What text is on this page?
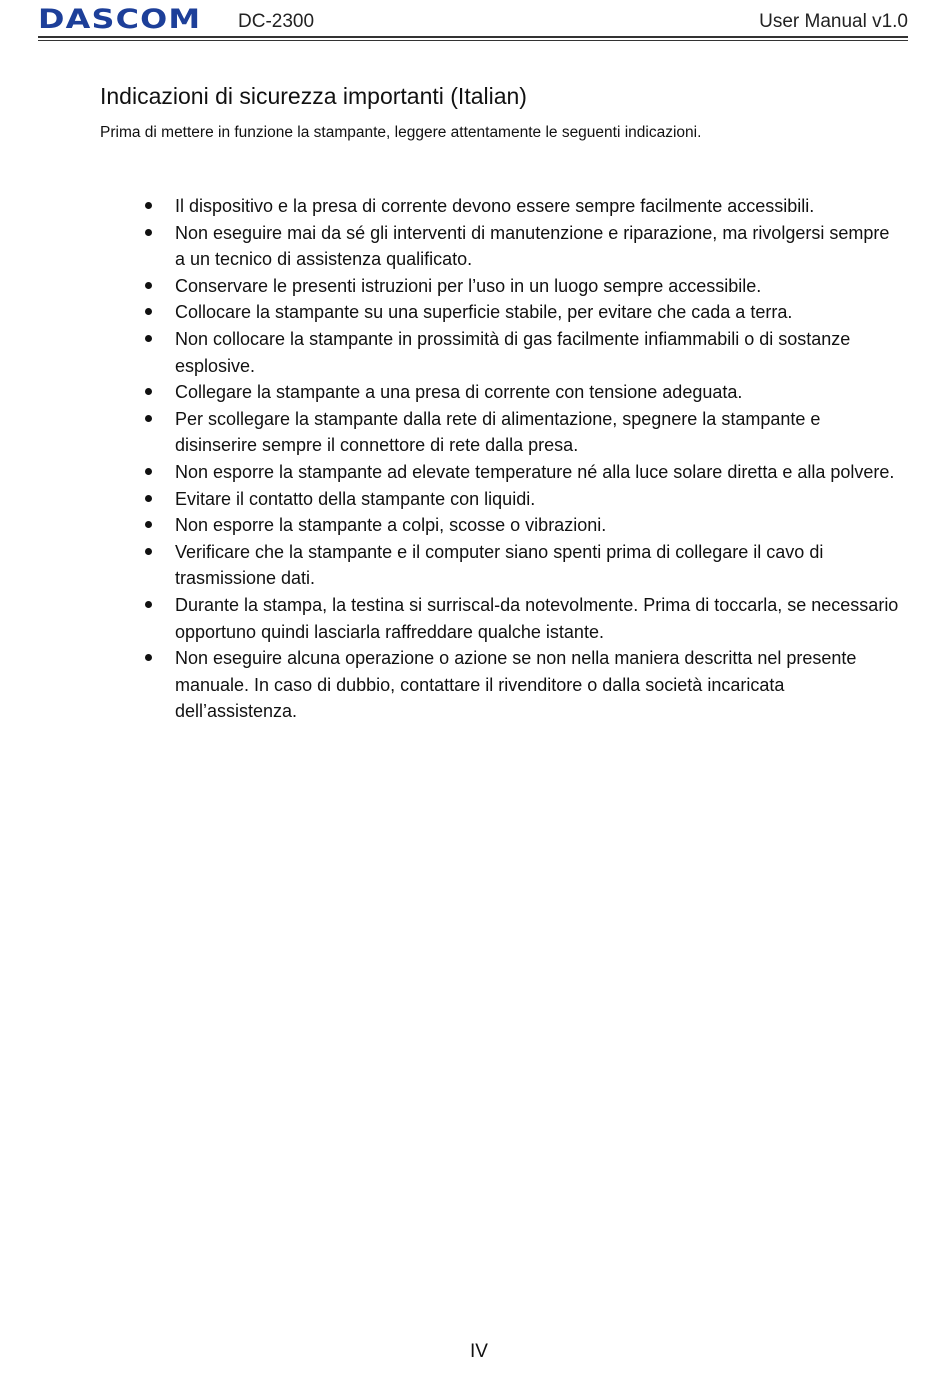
DASCOM DC-2300	User Manual v1.0
Indicazioni di sicurezza importanti (Italian)

Prima di mettere in funzione la stampante, leggere attentamente le seguenti indicazioni.

Il dispositivo e la presa di corrente devono essere sempre facilmente accessibili.
Non eseguire mai da sé gli interventi di manutenzione e riparazione, ma rivolgersi sempre a un tecnico di assistenza qualificato.
Conservare le presenti istruzioni per l’uso in un luogo sempre accessibile.
Collocare la stampante su una superficie stabile, per evitare che cada a terra.
Non collocare la stampante in prossimità di gas facilmente infiammabili o di sostanze esplosive.
Collegare la stampante a una presa di corrente con tensione adeguata.
Per scollegare la stampante dalla rete di alimentazione, spegnere la stampante e disinserire sempre il connettore di rete dalla presa.
Non esporre la stampante ad elevate temperature né alla luce solare diretta e alla polvere.
Evitare il contatto della stampante con liquidi.
Non esporre la stampante a colpi, scosse o vibrazioni.
Verificare che la stampante e il computer siano spenti prima di collegare il cavo di trasmissione dati.
Durante la stampa, la testina si surriscal-da notevolmente. Prima di toccarla, se necessario opportuno quindi lasciarla raffreddare qualche istante.
Non eseguire alcuna operazione o azione se non nella maniera descritta nel presente manuale. In caso di dubbio, contattare il rivenditore o dalla società incaricata dell’assistenza.
IV
